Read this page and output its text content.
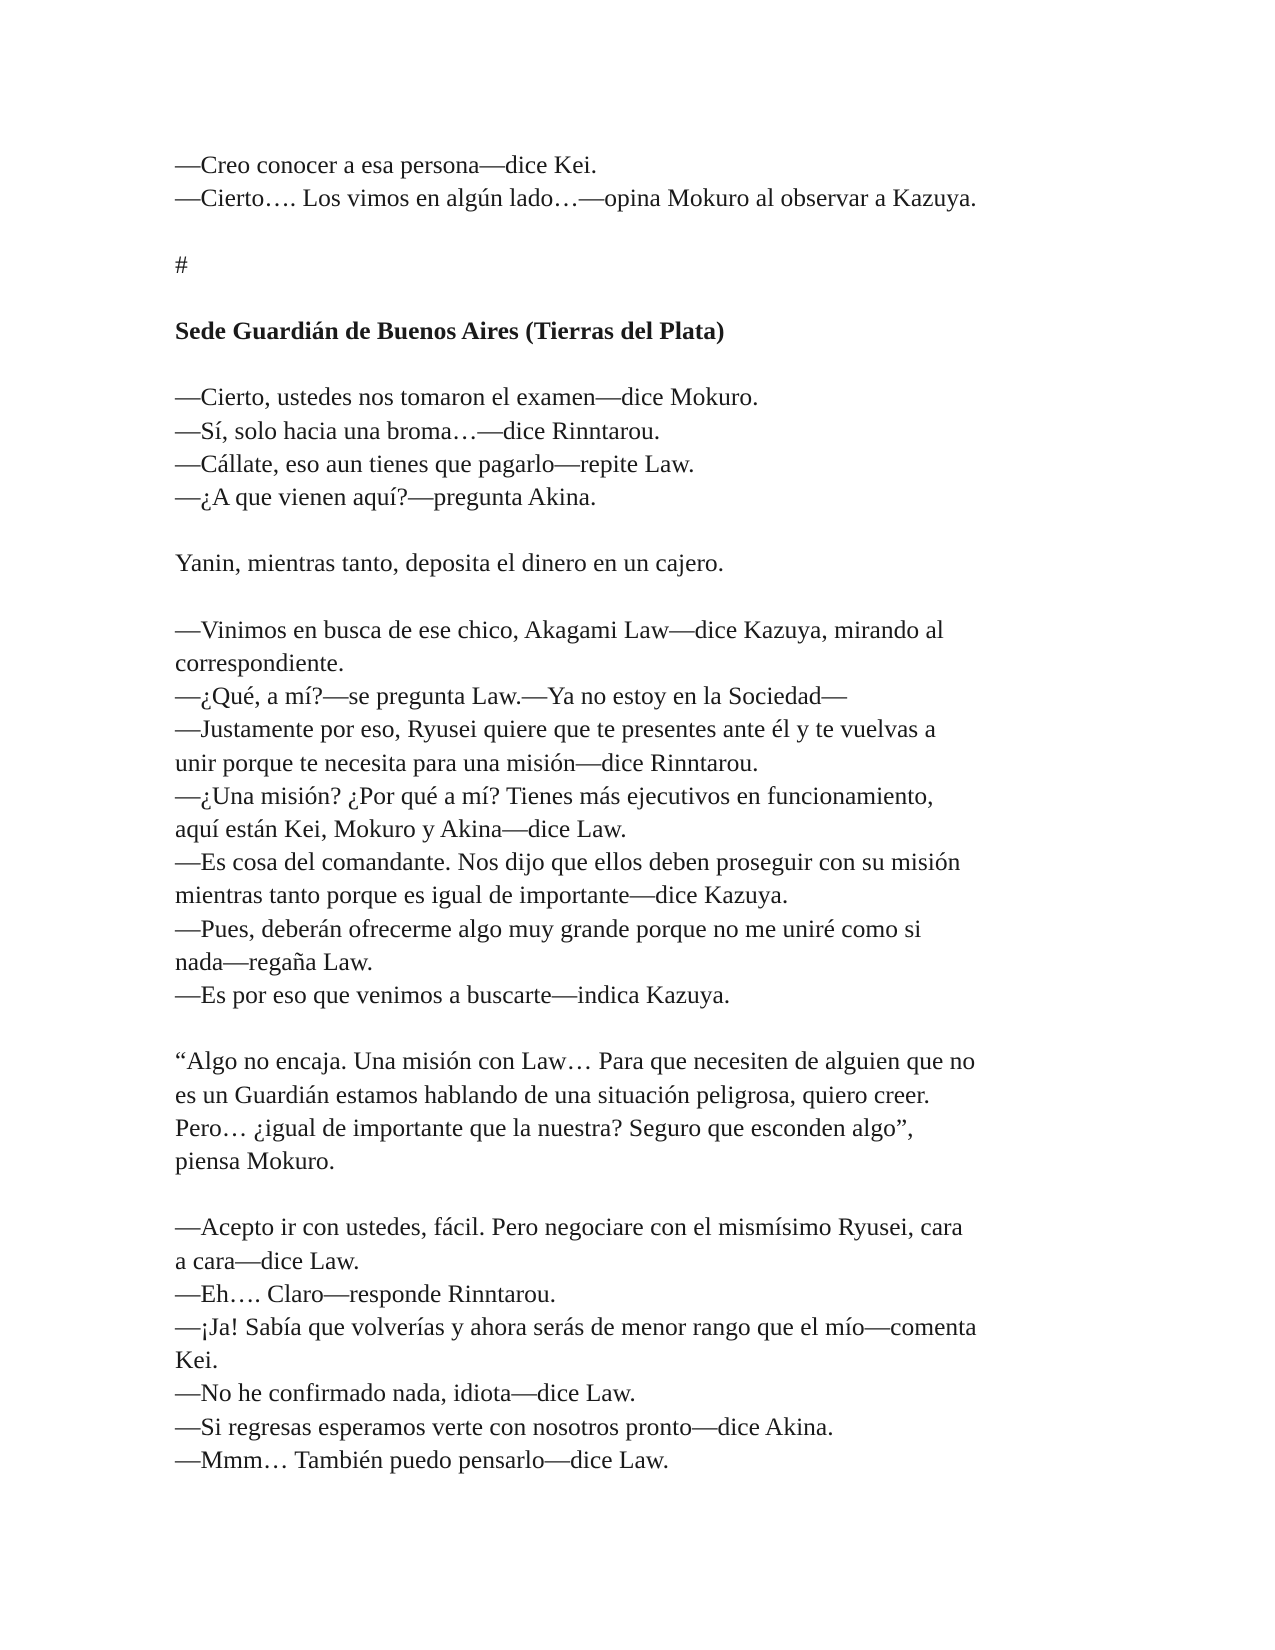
—Creo conocer a esa persona—dice Kei.

—Cierto…. Los vimos en algún lado…—opina Mokuro al observar a Kazuya.

#

Sede Guardián de Buenos Aires (Tierras del Plata)

—Cierto, ustedes nos tomaron el examen—dice Mokuro.

—Sí, solo hacia una broma…—dice Rinntarou.

—Cállate, eso aun tienes que pagarlo—repite Law.

—¿A que vienen aquí?—pregunta Akina.

Yanin, mientras tanto, deposita el dinero en un cajero.

—Vinimos en busca de ese chico, Akagami Law—dice Kazuya, mirando al

correspondiente.

—¿Qué, a mí?—se pregunta Law.—Ya no estoy en la Sociedad—

—Justamente por eso, Ryusei quiere que te presentes ante él y te vuelvas a

unir porque te necesita para una misión—dice Rinntarou.

—¿Una misión? ¿Por qué a mí? Tienes más ejecutivos en funcionamiento,

aquí están Kei, Mokuro y Akina—dice Law.

—Es cosa del comandante. Nos dijo que ellos deben proseguir con su misión

mientras tanto porque es igual de importante—dice Kazuya.

—Pues, deberán ofrecerme algo muy grande porque no me uniré como si

nada—regaña Law.

—Es por eso que venimos a buscarte—indica Kazuya.

“Algo no encaja. Una misión con Law… Para que necesiten de alguien que no

es un Guardián estamos hablando de una situación peligrosa, quiero creer.

Pero… ¿igual de importante que la nuestra? Seguro que esconden algo”,

piensa Mokuro.

—Acepto ir con ustedes, fácil. Pero negociare con el mismísimo Ryusei, cara

a cara—dice Law.

—Eh…. Claro—responde Rinntarou.

—¡Ja! Sabía que volverías y ahora serás de menor rango que el mío—comenta

Kei.

—No he confirmado nada, idiota—dice Law.

—Si regresas esperamos verte con nosotros pronto—dice Akina.

—Mmm… También puedo pensarlo—dice Law.
